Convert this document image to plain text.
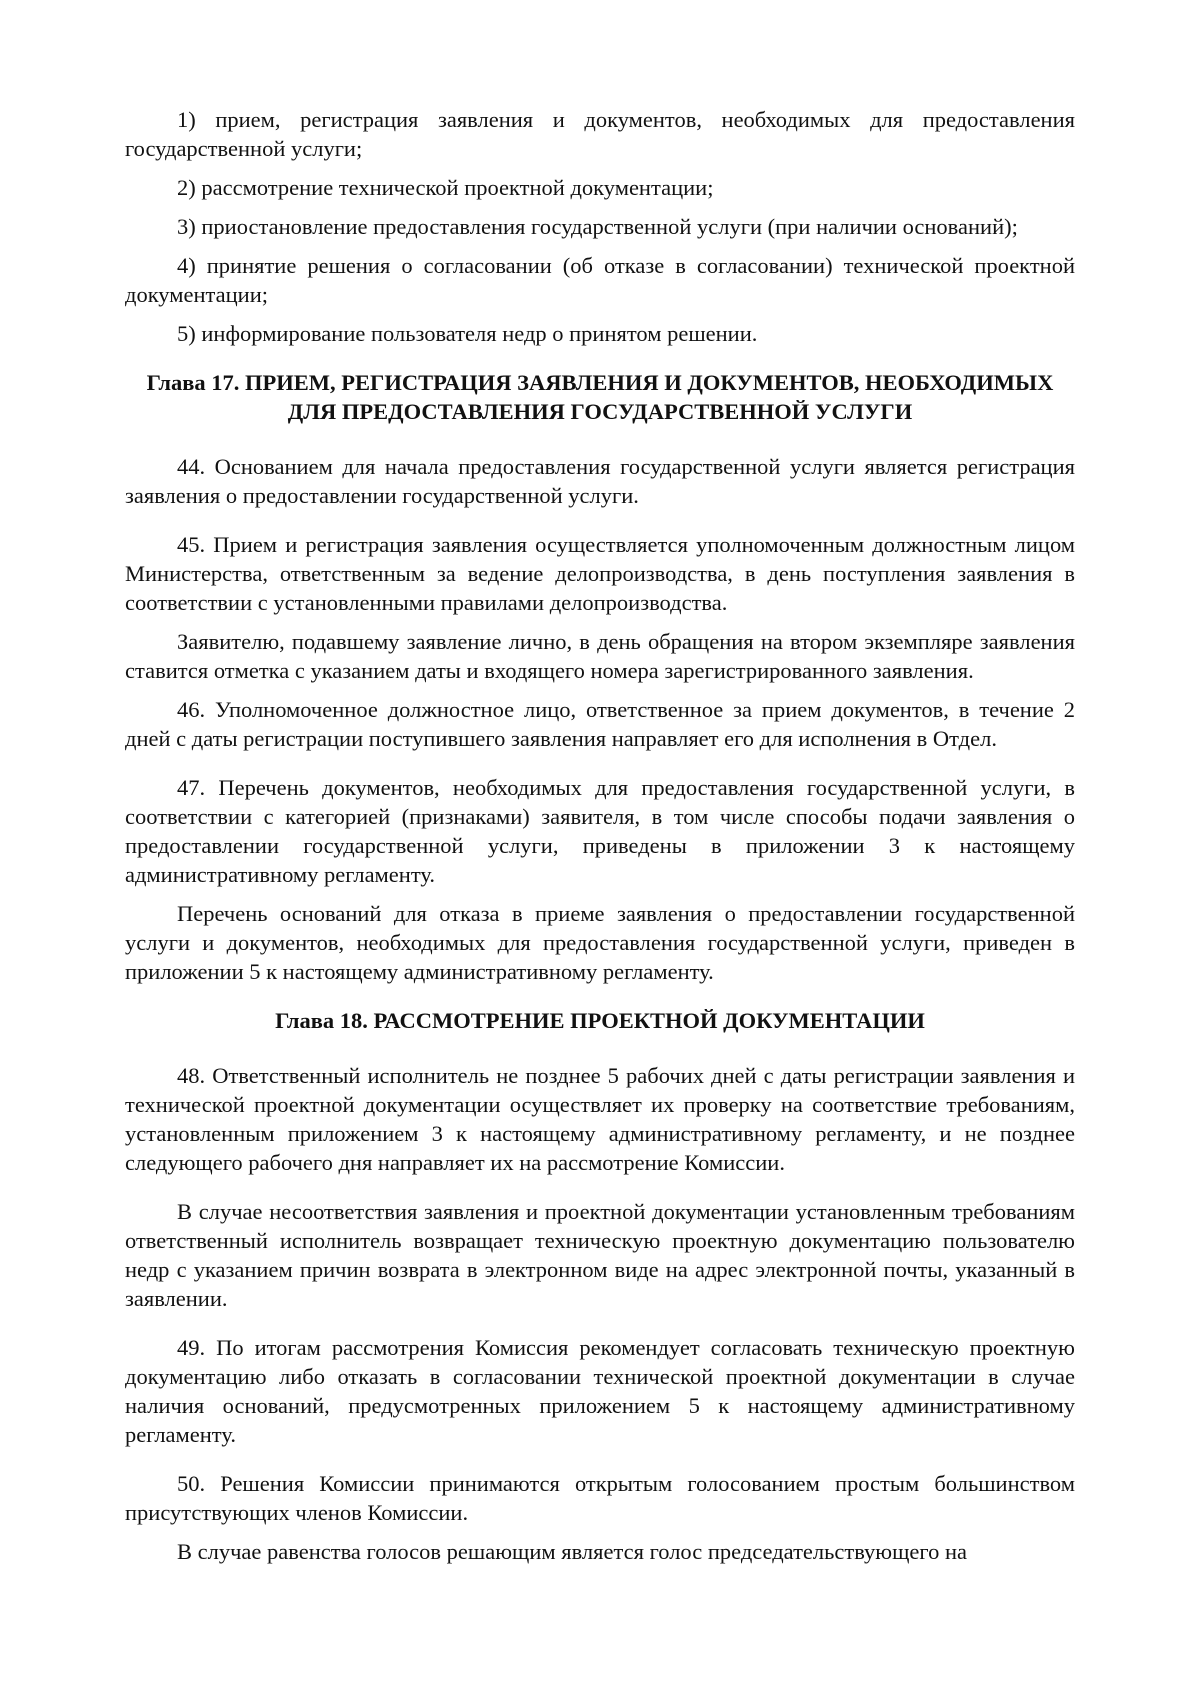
1) прием, регистрация заявления и документов, необходимых для предоставления государственной услуги;

2) рассмотрение технической проектной документации;

3) приостановление предоставления государственной услуги (при наличии оснований);

4) принятие решения о согласовании (об отказе в согласовании) технической проектной документации;

5) информирование пользователя недр о принятом решении.

Глава 17. ПРИЕМ, РЕГИСТРАЦИЯ ЗАЯВЛЕНИЯ И ДОКУМЕНТОВ, НЕОБХОДИМЫХ ДЛЯ ПРЕДОСТАВЛЕНИЯ ГОСУДАРСТВЕННОЙ УСЛУГИ

44. Основанием для начала предоставления государственной услуги является регистрация заявления о предоставлении государственной услуги.

45. Прием и регистрация заявления осуществляется уполномоченным должностным лицом Министерства, ответственным за ведение делопроизводства, в день поступления заявления в соответствии с установленными правилами делопроизводства.

Заявителю, подавшему заявление лично, в день обращения на втором экземпляре заявления ставится отметка с указанием даты и входящего номера зарегистрированного заявления.

46. Уполномоченное должностное лицо, ответственное за прием документов, в течение 2 дней с даты регистрации поступившего заявления направляет его для исполнения в Отдел.

47. Перечень документов, необходимых для предоставления государственной услуги, в соответствии с категорией (признаками) заявителя, в том числе способы подачи заявления о предоставлении государственной услуги, приведены в приложении 3 к настоящему административному регламенту.

Перечень оснований для отказа в приеме заявления о предоставлении государственной услуги и документов, необходимых для предоставления государственной услуги, приведен в приложении 5 к настоящему административному регламенту.

Глава 18. РАССМОТРЕНИЕ ПРОЕКТНОЙ ДОКУМЕНТАЦИИ

48. Ответственный исполнитель не позднее 5 рабочих дней с даты регистрации заявления и технической проектной документации осуществляет их проверку на соответствие требованиям, установленным приложением 3 к настоящему административному регламенту, и не позднее следующего рабочего дня направляет их на рассмотрение Комиссии.

В случае несоответствия заявления и проектной документации установленным требованиям ответственный исполнитель возвращает техническую проектную документацию пользователю недр с указанием причин возврата в электронном виде на адрес электронной почты, указанный в заявлении.

49. По итогам рассмотрения Комиссия рекомендует согласовать техническую проектную документацию либо отказать в согласовании технической проектной документации в случае наличия оснований, предусмотренных приложением 5 к настоящему административному регламенту.

50. Решения Комиссии принимаются открытым голосованием простым большинством присутствующих членов Комиссии.

В случае равенства голосов решающим является голос председательствующего на
